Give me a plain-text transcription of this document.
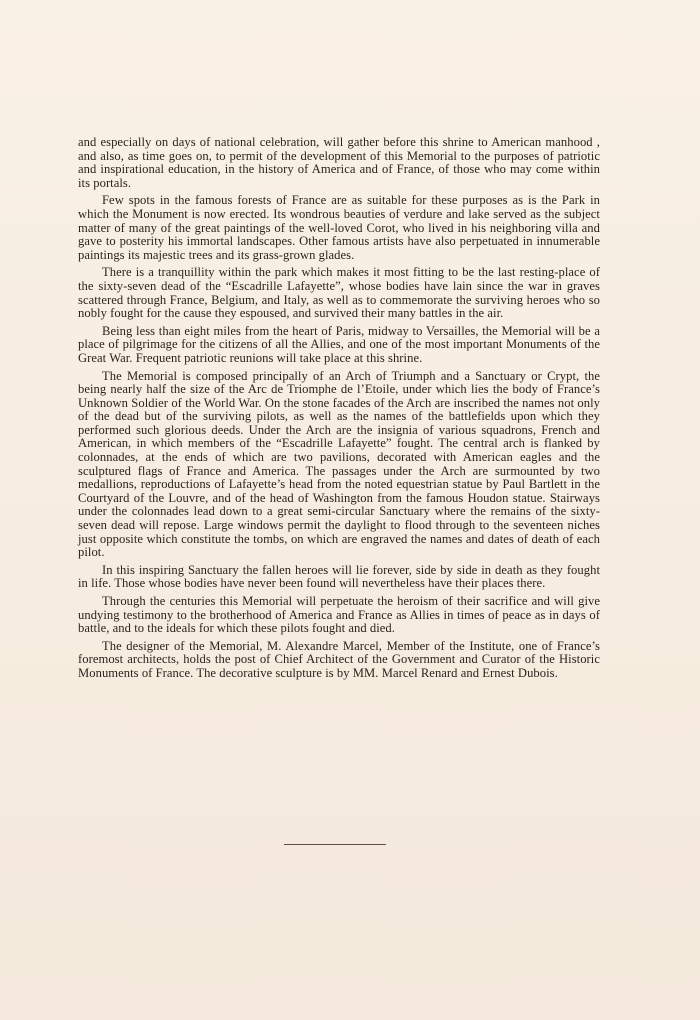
and especially on days of national celebration, will gather before this shrine to American manhood , and also, as time goes on, to permit of the development of this Memorial to the purposes of patriotic and inspirational education, in the history of America and of France, of those who may come within its portals.

Few spots in the famous forests of France are as suitable for these purposes as is the Park in which the Monument is now erected. Its wondrous beauties of verdure and lake served as the subject matter of many of the great paintings of the well-loved Corot, who lived in his neighboring villa and gave to posterity his immortal landscapes. Other famous artists have also perpetuated in innumerable paintings its majestic trees and its grass-grown glades.

There is a tranquillity within the park which makes it most fitting to be the last resting-place of the sixty-seven dead of the “Escadrille Lafayette”, whose bodies have lain since the war in graves scattered through France, Belgium, and Italy, as well as to commemorate the surviving heroes who so nobly fought for the cause they espoused, and survived their many battles in the air.

Being less than eight miles from the heart of Paris, midway to Versailles, the Memorial will be a place of pilgrimage for the citizens of all the Allies, and one of the most important Monuments of the Great War. Frequent patriotic reunions will take place at this shrine.

The Memorial is composed principally of an Arch of Triumph and a Sanctuary or Crypt, the being nearly half the size of the Arc de Triomphe de l’Etoile, under which lies the body of France’s Unknown Soldier of the World War. On the stone facades of the Arch are inscribed the names not only of the dead but of the surviving pilots, as well as the names of the battlefields upon which they performed such glorious deeds. Under the Arch are the insignia of various squadrons, French and American, in which members of the “Escadrille Lafayette” fought. The central arch is flanked by colonnades, at the ends of which are two pavilions, decorated with American eagles and the sculptured flags of France and America. The passages under the Arch are surmounted by two medallions, reproductions of Lafayette’s head from the noted equestrian statue by Paul Bartlett in the Courtyard of the Louvre, and of the head of Washington from the famous Houdon statue. Stairways under the colonnades lead down to a great semi-circular Sanctuary where the remains of the sixty-seven dead will repose. Large windows permit the daylight to flood through to the seventeen niches just opposite which constitute the tombs, on which are engraved the names and dates of death of each pilot.

In this inspiring Sanctuary the fallen heroes will lie forever, side by side in death as they fought in life. Those whose bodies have never been found will nevertheless have their places there.

Through the centuries this Memorial will perpetuate the heroism of their sacrifice and will give undying testimony to the brotherhood of America and France as Allies in times of peace as in days of battle, and to the ideals for which these pilots fought and died.

The designer of the Memorial, M. Alexandre Marcel, Member of the Institute, one of France’s foremost architects, holds the post of Chief Architect of the Government and Curator of the Historic Monuments of France. The decorative sculpture is by MM. Marcel Renard and Ernest Dubois.
